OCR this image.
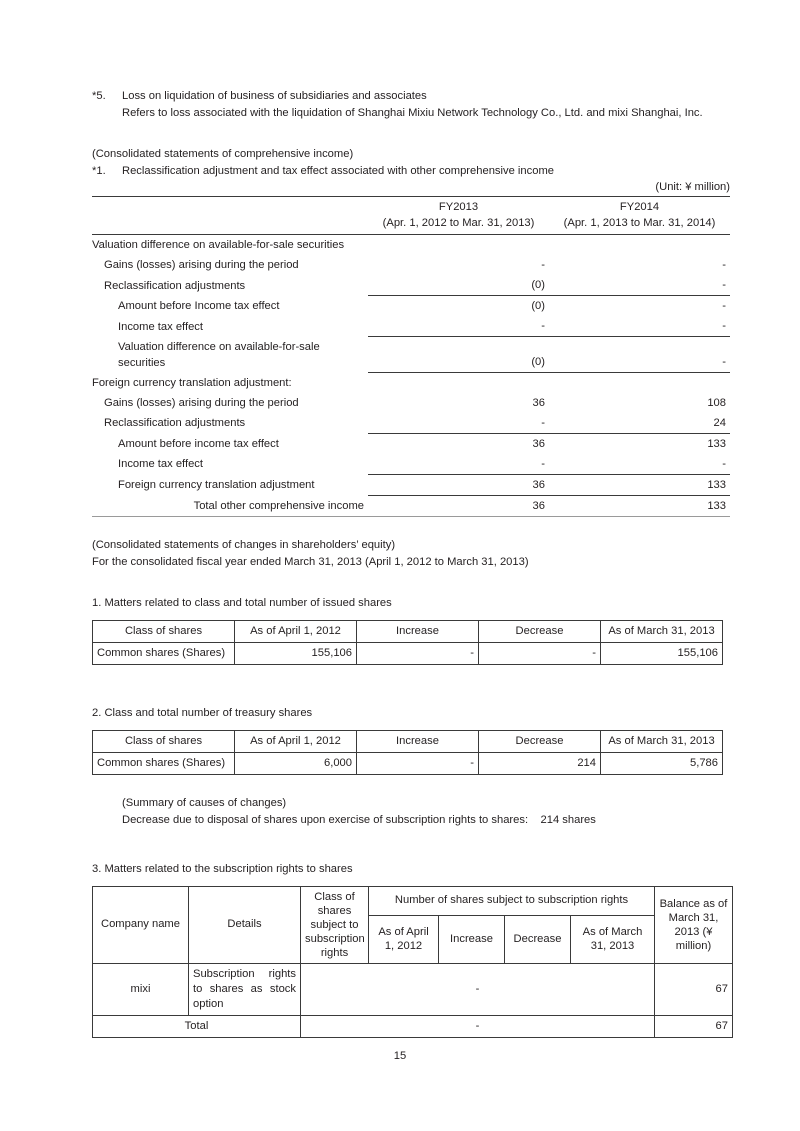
*5.	Loss on liquidation of business of subsidiaries and associates
Refers to loss associated with the liquidation of Shanghai Mixiu Network Technology Co., Ltd. and mixi Shanghai, Inc.
(Consolidated statements of comprehensive income)
*1.	Reclassification adjustment and tax effect associated with other comprehensive income
(Unit: ¥ million)

FY2013
(Apr. 1, 2012 to Mar. 31, 2013)

FY2014
(Apr. 1, 2013 to Mar. 31, 2014)

Valuation difference on available-for-sale securities		
Gains (losses) arising during the period	-	-
Reclassification adjustments	(0)	-
Amount before Income tax effect	(0)	-
Income tax effect	-	-
Valuation difference on available-for-sale securities	(0)	-
Foreign currency translation adjustment:		
Gains (losses) arising during the period	36	108
Reclassification adjustments	-	24
Amount before income tax effect	36	133
Income tax effect	-	-
Foreign currency translation adjustment	36	133
Total other comprehensive income	36	133
(Consolidated statements of changes in shareholders’ equity)
For the consolidated fiscal year ended March 31, 2013 (April 1, 2012 to March 31, 2013)
1. Matters related to class and total number of issued shares
Class of shares	As of April 1, 2012	Increase	Decrease	As of March 31, 2013
Common shares (Shares)	155,106	-	-	155,106
2. Class and total number of treasury shares
Class of shares	As of April 1, 2012	Increase	Decrease	As of March 31, 2013
Common shares (Shares)	6,000	-	214	5,786
(Summary of causes of changes)
Decrease due to disposal of shares upon exercise of subscription rights to shares:    214 shares
3. Matters related to the subscription rights to shares
Company name	Details	Class of shares subject to subscription rights	Number of shares subject to subscription rights				Balance as of March 31, 2013 (¥ million)
			As of April 1, 2012	Increase	Decrease	As of March 31, 2013	
mixi	Subscription rights to shares as stock option	-					67
Total		-					67
15
